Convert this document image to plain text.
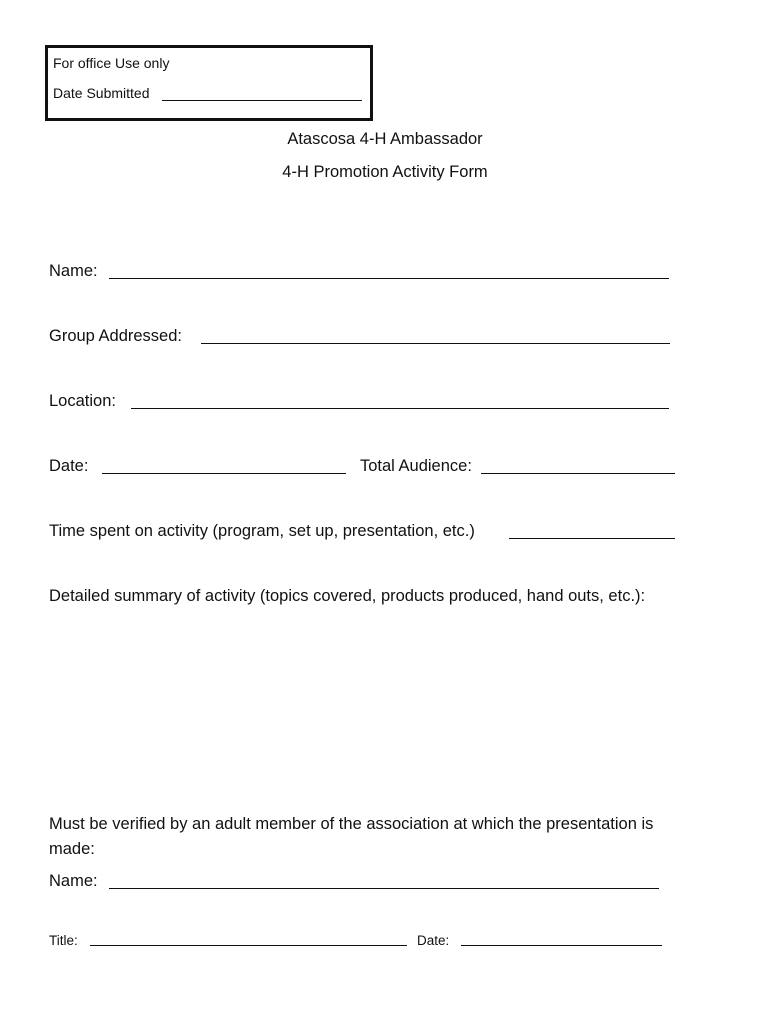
For office Use only
Date Submitted
Atascosa 4-H Ambassador
4-H Promotion Activity Form
Name:
Group Addressed:
Location:
Date:	Total Audience:
Time spent on activity (program, set up, presentation, etc.)
Detailed summary of activity (topics covered, products produced, hand outs, etc.):
Must be verified by an adult member of the association at which the presentation is
made:
Name:
Title:	Date:
